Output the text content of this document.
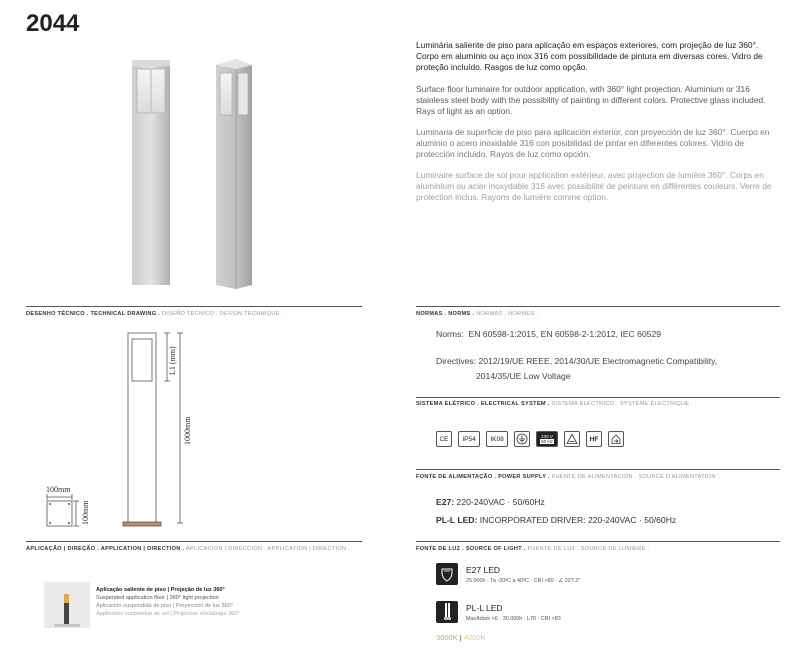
2044
Luminária saliente de piso para aplicação em espaços exteriores, com projeção de luz 360°. Corpo em alumínio ou aço inox 316 com possibilidade de pintura em diversas cores. Vidro de proteção incluído. Rasgos de luz como opção.
Surface floor luminaire for outdoor application, with 360° light projection. Aluminium or 316 stainless steel body with the possibility of painting in different colors. Protective glass included. Rays of light as an option.
Luminaria de superficie de piso para aplicación exterior, con proyección de luz 360°. Cuerpo en aluminio o acero inoxidable 316 con posibilidad de pintar en diferentes colores. Vidrio de protección incluido. Rayos de luz como opción.
Luminaire surface de sol pour application extérieur, avec projection de lumière 360°. Corps en aluminium ou acier inoxydable 316 avec possibilité de peinture en différentes couleurs. Verre de protection inclus. Rayons de lumière comme option.
DESENHO TÉCNICO . TECHNICAL DRAWING . DISEÑO TÉCNICO . DESSIN TECHNIQUE .	NORMAS . NORMS . NORMAS . NORMES .
SISTEMA ELÉTRICO . ELECTRICAL SYSTEM . SISTEMA ELÉCTRICO . SYSTÈME ÉLECTRIQUE .
FONTE DE ALIMENTAÇÃO . POWER SUPPLY . FUENTE DE ALIMENTACIÓN . SOURCE D'ALIMENTATION .
APLICAÇÃO | DIREÇÃO . APPLICATION | DIRECTION . APLICACIÓN | DIRECCIÓN . APPLICATION | DIRECTION .	FONTE DE LUZ . SOURCE OF LIGHT . FUENTE DE LUZ . SOURCE DE LUMIÈRE .
L1 (mm)
1000mm
100mm
100mm
Norms: EN 60598-1:2015, EN 60598-2-1:2012, IEC 60529
Directives: 2012/19/UE REEE, 2014/30/UE Electromagnetic Compatibility,
2014/35/UE Low Voltage
CE	IP54	IK08	230 V
50 Hz	HF
E27: 220-240VAC · 50/60Hz
PL-L LED: INCORPORATED DRIVER: 220-240VAC · 50/60Hz
Aplicação saliente de piso | Projeção de luz 360°
Suspended application floor | 360° light projection
Aplicación suspendida de piso | Proyección de luz 360°
Application suspendue de sol | Projection d'éclairage 360°
E27 LED
25.000h · Ta -20ºC a 40ºC · CRI >80 · ∠ 227.2°
PL-L LED
MacAdam <6 · 30.000h · L70 · CRI >83
3000K | 4000K
